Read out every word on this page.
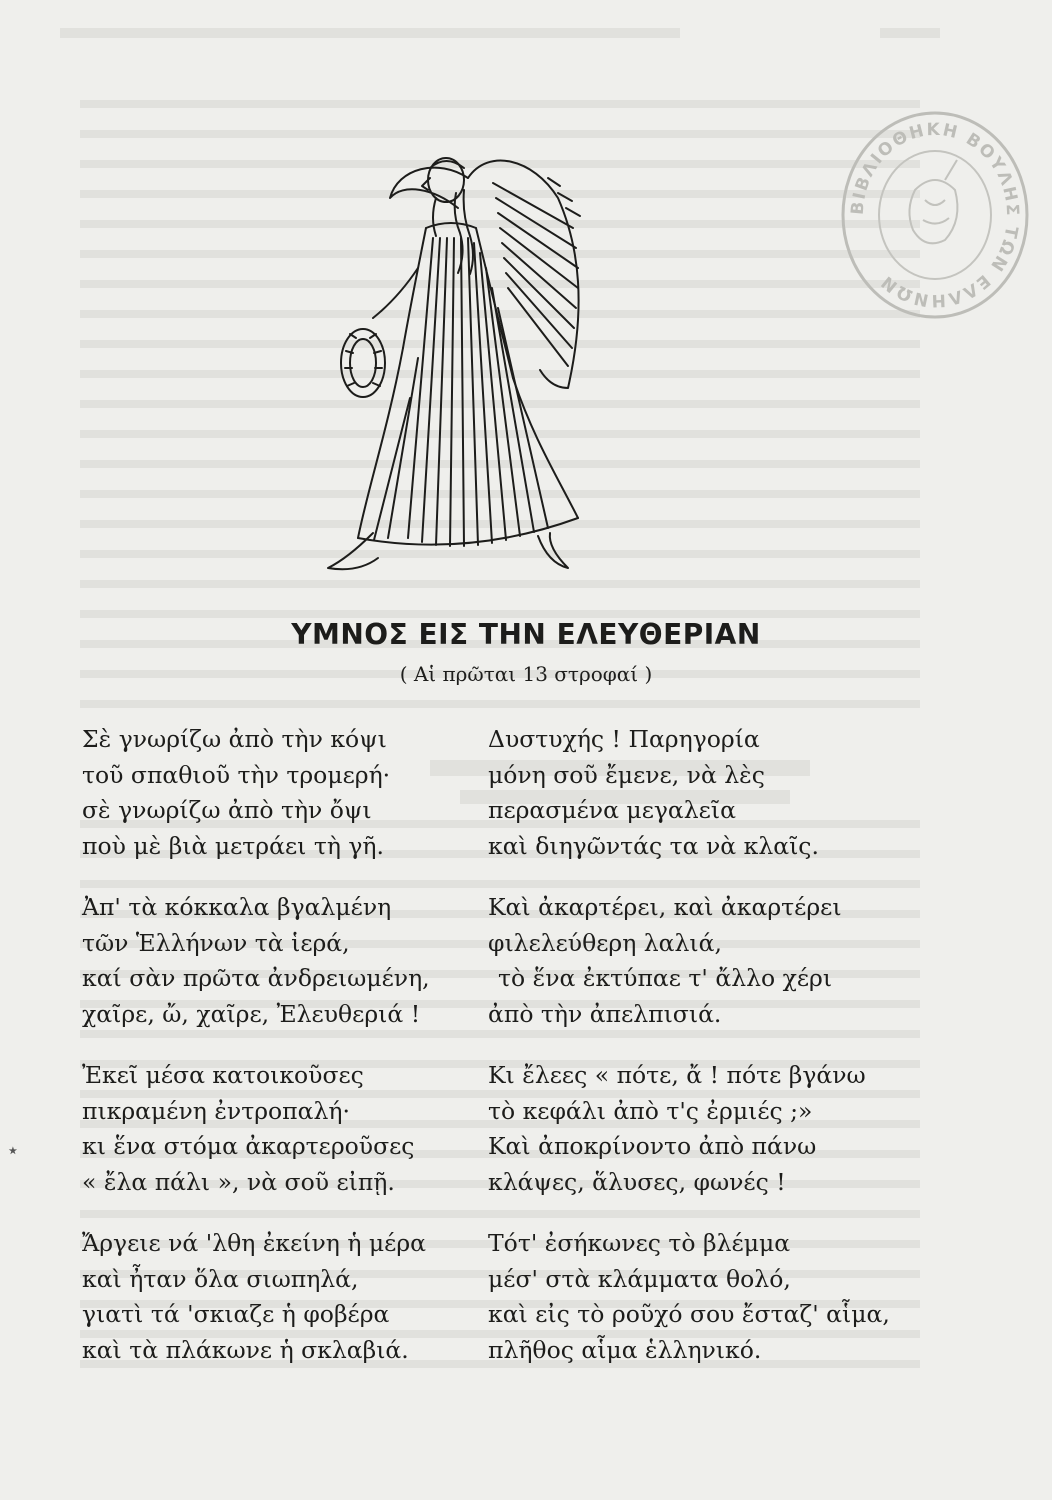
ΒΙΒΛΙΟΘΗΚΗ ΒΟΥΛΗΣ ΤΩΝ ΕΛΛΗΝΩΝ
ΥΜΝΟΣ ΕΙΣ ΤΗΝ ΕΛΕΥΘΕΡΙΑΝ
( Αἱ πρῶται 13 στροφαί )
Σὲ γνωρίζω ἀπὸ τὴν κόψι
τοῦ σπαθιοῦ τὴν τρομερή·
σὲ γνωρίζω ἀπὸ τὴν ὄψι
ποὺ μὲ βιὰ μετράει τὴ γῆ.
Ἀπ' τὰ κόκκαλα βγαλμένη
τῶν Ἑλλήνων τὰ ἱερά,
καί σὰν πρῶτα ἀνδρειωμένη,
χαῖρε, ὤ, χαῖρε, Ἐλευθεριά !
Ἐκεῖ μέσα κατοικοῦσες
πικραμένη ἐντροπαλή·
κι ἕνα στόμα ἀκαρτεροῦσες
« ἔλα πάλι », νὰ σοῦ εἰπῇ.
Ἄργειε νά 'λθη ἐκείνη ἡ μέρα
καὶ ἦταν ὅλα σιωπηλά,
γιατὶ τά 'σκιαζε ἡ φοβέρα
καὶ τὰ πλάκωνε ἡ σκλαβιά.
Δυστυχής ! Παρηγορία
μόνη σοῦ ἔμενε, νὰ λὲς
περασμένα μεγαλεῖα
καὶ διηγῶντάς τα νὰ κλαῖς.
Καὶ ἀκαρτέρει, καὶ ἀκαρτέρει
φιλελεύθερη λαλιά,
τὸ ἕνα ἐκτύπαε τ' ἄλλο χέρι
ἀπὸ τὴν ἀπελπισιά.
Κι ἔλεες « πότε, ἄ ! πότε βγάνω
τὸ κεφάλι ἀπὸ τ'ς ἐρμιές ;»
Καὶ ἀποκρίνοντο ἀπὸ πάνω
κλάψες, ἅλυσες, φωνές !
Τότ' ἐσήκωνες τὸ βλέμμα
μέσ' στὰ κλάμματα θολό,
καὶ εἰς τὸ ροῦχό σου ἔσταζ' αἷμα,
πλῆθος αἷμα ἑλληνικό.
٭
